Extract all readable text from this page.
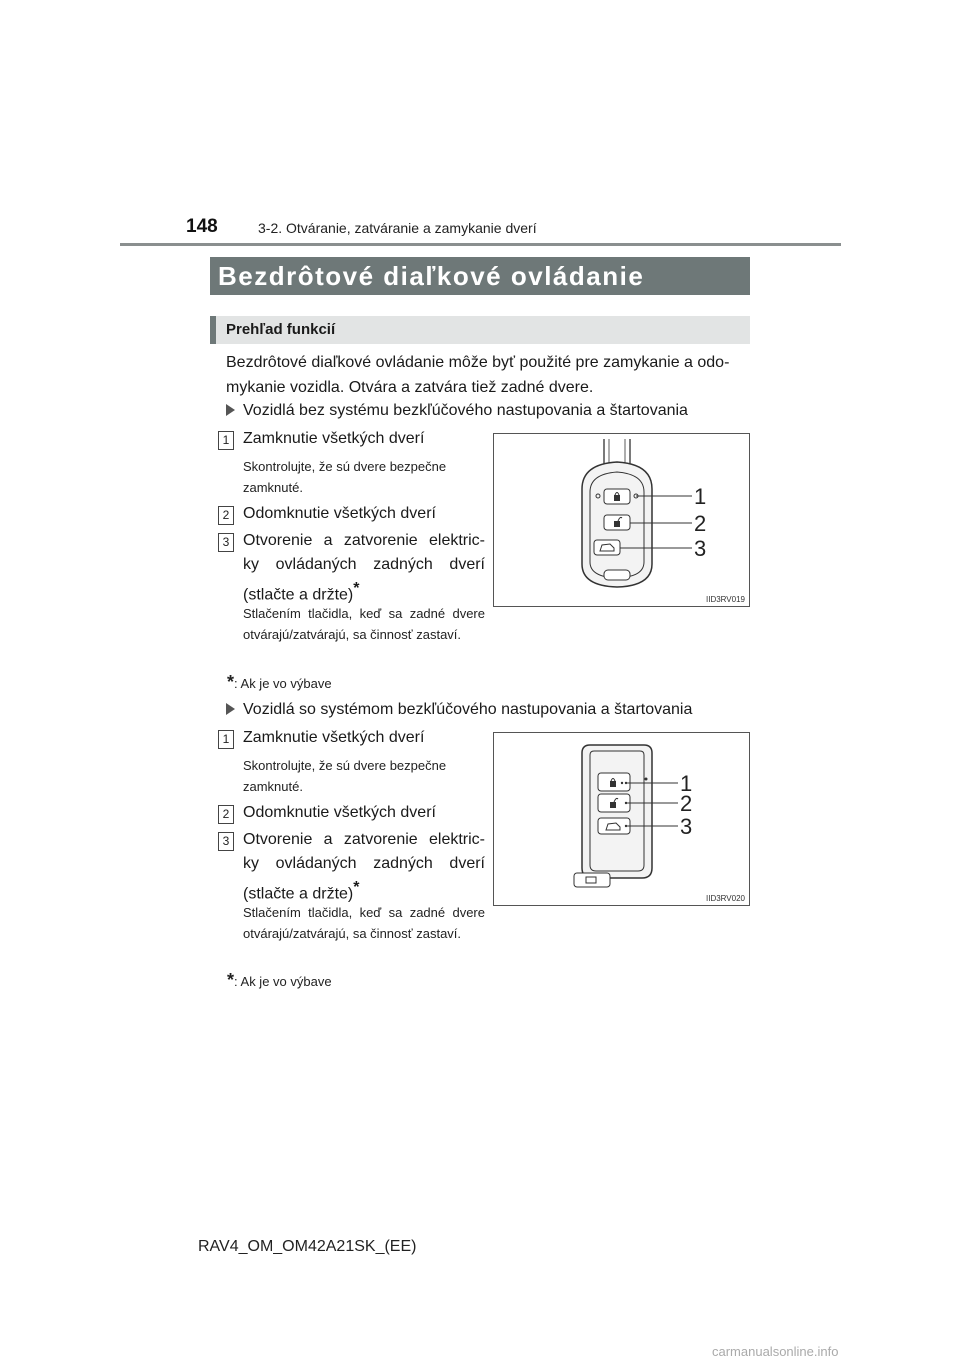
148	3-2. Otváranie, zatváranie a zamykanie dverí
Bezdrôtové diaľkové ovládanie
Prehľad funkcií
Bezdrôtové diaľkové ovládanie môže byť použité pre zamykanie a odo-mykanie vozidla. Otvára a zatvára tiež zadné dvere.
Vozidlá bez systému bezkľúčového nastupovania a štartovania
1 Zamknutie všetkých dverí
Skontrolujte, že sú dvere bezpečne zamknuté.
2 Odomknutie všetkých dverí
3 Otvorenie a zatvorenie elektric-
ky ovládaných zadných dverí
(stlačte a držte)*
Stlačením tlačidla, keď sa zadné dvere otvárajú/zatvárajú, sa činnosť zastaví.
*: Ak je vo výbave
1
2
3
IID3RV019
Vozidlá so systémom bezkľúčového nastupovania a štartovania
1 Zamknutie všetkých dverí
Skontrolujte, že sú dvere bezpečne zamknuté.
2 Odomknutie všetkých dverí
3 Otvorenie a zatvorenie elektric-
ky ovládaných zadných dverí
(stlačte a držte)*
Stlačením tlačidla, keď sa zadné dvere otvárajú/zatvárajú, sa činnosť zastaví.
*: Ak je vo výbave
1
2
3
IID3RV020
RAV4_OM_OM42A21SK_(EE)
carmanualsonline.info
